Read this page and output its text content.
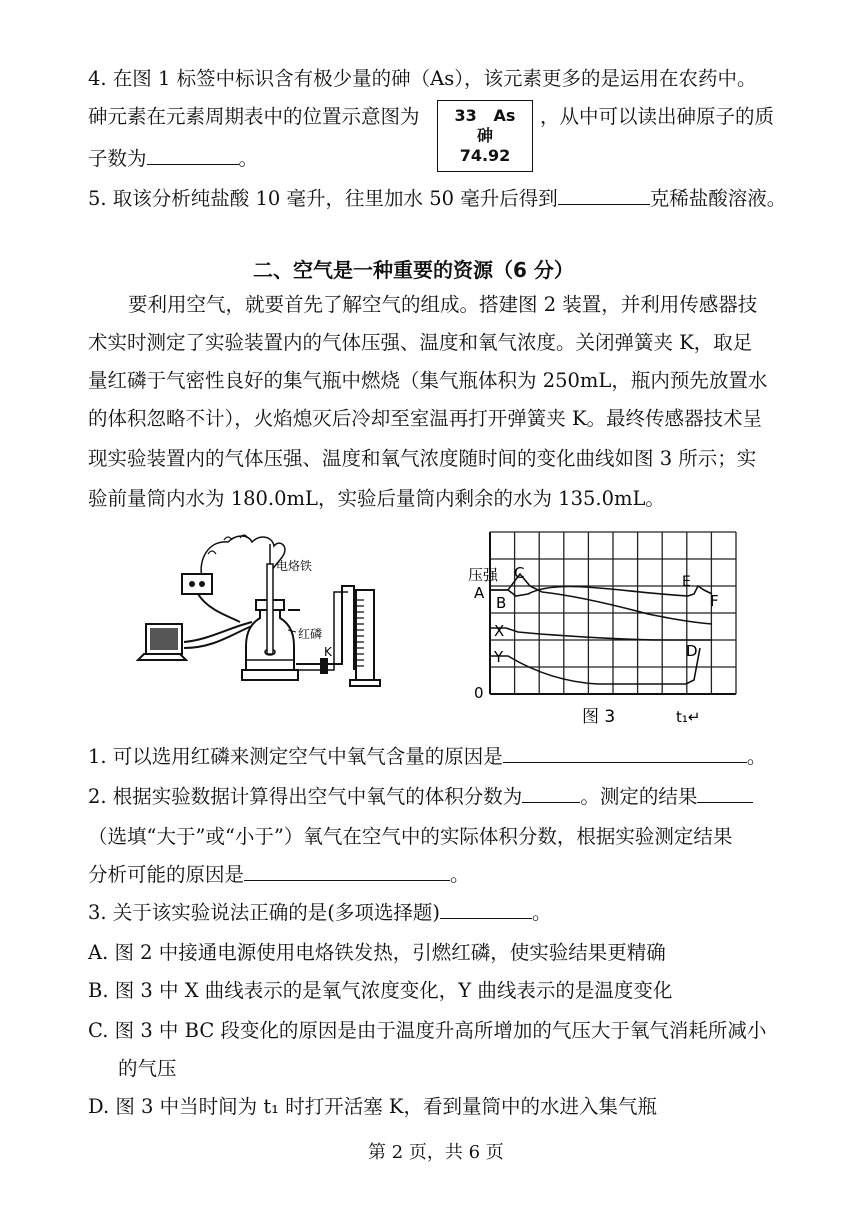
4. 在图 1 标签中标识含有极少量的砷（As），该元素更多的是运用在农药中。
砷元素在元素周期表中的位置示意图为	33 As
砷
74.92
，从中可以读出砷原子的质
子数为	。
5. 取该分析纯盐酸 10 毫升，往里加水 50 毫升后得到	克稀盐酸溶液。
二、空气是一种重要的资源（6 分）
要利用空气，就要首先了解空气的组成。搭建图 2 装置，并利用传感器技
术实时测定了实验装置内的气体压强、温度和氧气浓度。关闭弹簧夹 K，取足
量红磷于气密性良好的集气瓶中燃烧（集气瓶体积为 250mL，瓶内预先放置水
的体积忽略不计），火焰熄灭后冷却至室温再打开弹簧夹 K。最终传感器技术呈
现实验装置内的气体压强、温度和氧气浓度随时间的变化曲线如图 3 所示；实
验前量筒内水为 180.0mL，实验后量筒内剩余的水为 135.0mL。
电烙铁
红磷
K
压强
A
B
C
X
Y	D
E
F
0
图 3	t₁↵
1. 可以选用红磷来测定空气中氧气含量的原因是	。
2. 根据实验数据计算得出空气中氧气的体积分数为	。测定的结果
（选填“大于”或“小于”）氧气在空气中的实际体积分数，根据实验测定结果
分析可能的原因是	。
3. 关于该实验说法正确的是(多项选择题)	。
A. 图 2 中接通电源使用电烙铁发热，引燃红磷，使实验结果更精确
B. 图 3 中 X 曲线表示的是氧气浓度变化，Y 曲线表示的是温度变化
C. 图 3 中 BC 段变化的原因是由于温度升高所增加的气压大于氧气消耗所减小
的气压
D. 图 3 中当时间为 t₁ 时打开活塞 K，看到量筒中的水进入集气瓶
第 2 页，共 6 页
